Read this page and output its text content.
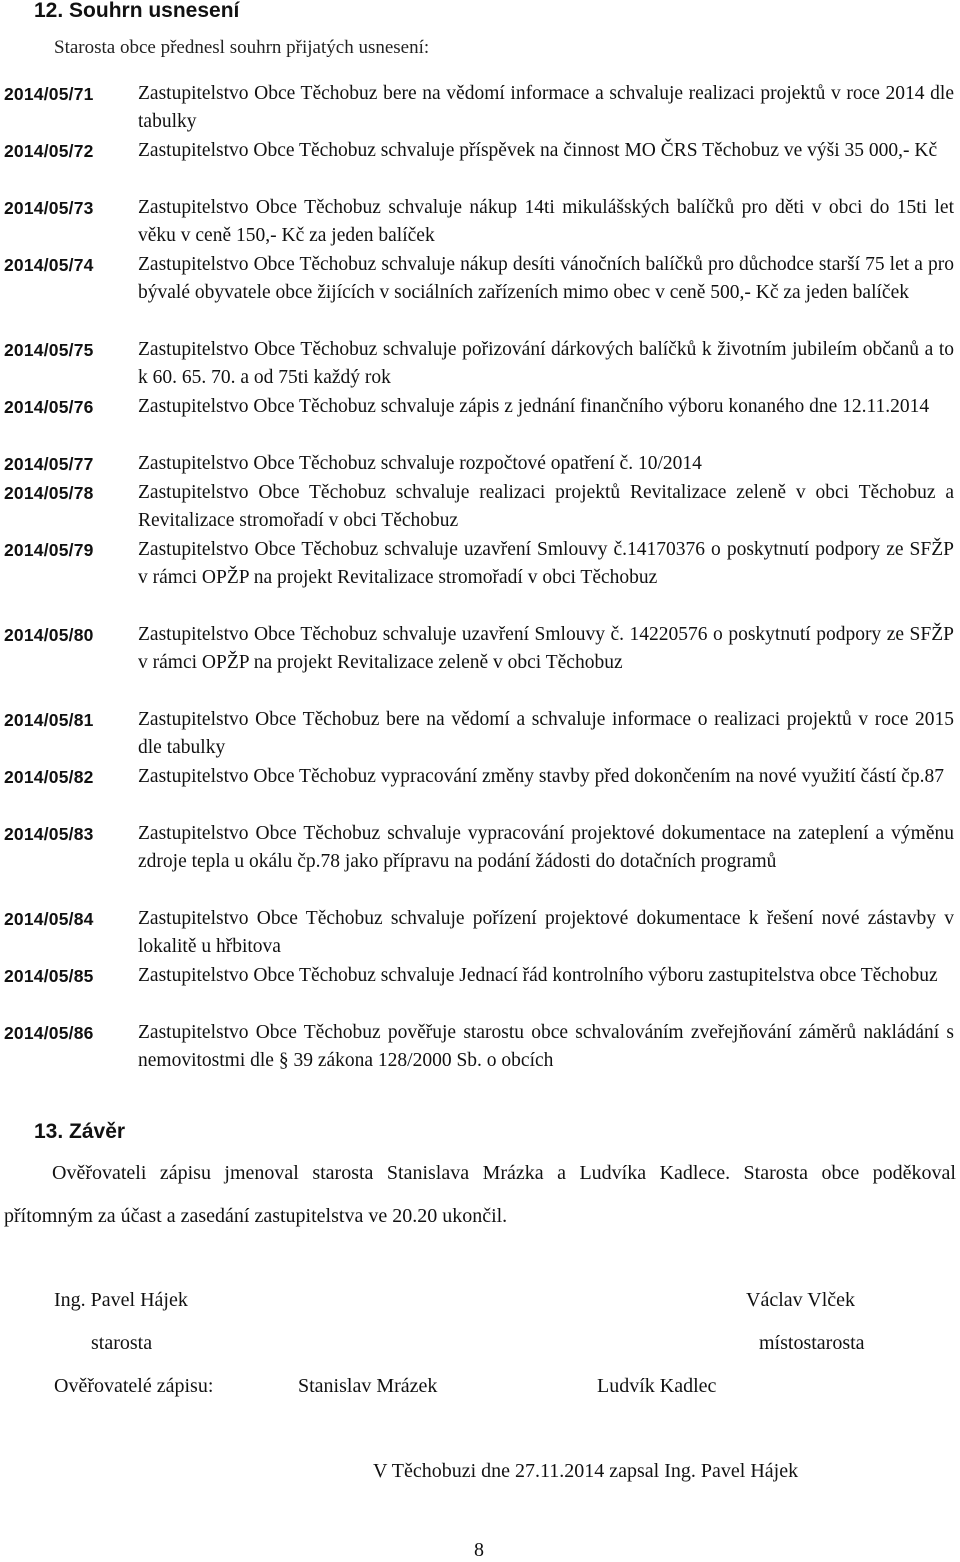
12. Souhrn usnesení
Starosta obce přednesl souhrn přijatých usnesení:
2014/05/71 Zastupitelstvo Obce Těchobuz bere na vědomí informace a schvaluje realizaci projektů v roce 2014 dle tabulky
2014/05/72 Zastupitelstvo Obce Těchobuz schvaluje příspěvek na činnost MO ČRS Těchobuz ve výši 35 000,- Kč
2014/05/73 Zastupitelstvo Obce Těchobuz schvaluje nákup 14ti mikulášských balíčků pro děti v obci do 15ti let věku v ceně 150,- Kč za jeden balíček
2014/05/74 Zastupitelstvo Obce Těchobuz schvaluje nákup desíti vánočních balíčků pro důchodce starší 75 let a pro bývalé obyvatele obce žijících v sociálních zařízeních mimo obec v ceně 500,- Kč za jeden balíček
2014/05/75 Zastupitelstvo Obce Těchobuz schvaluje pořizování dárkových balíčků k životním jubileím občanů a to k 60. 65. 70. a od 75ti každý rok
2014/05/76 Zastupitelstvo Obce Těchobuz schvaluje zápis z jednání finančního výboru konaného dne 12.11.2014
2014/05/77 Zastupitelstvo Obce Těchobuz schvaluje rozpočtové opatření č. 10/2014
2014/05/78 Zastupitelstvo Obce Těchobuz schvaluje realizaci projektů Revitalizace zeleně v obci Těchobuz a Revitalizace stromořadí v obci Těchobuz
2014/05/79 Zastupitelstvo Obce Těchobuz schvaluje uzavření Smlouvy č.14170376 o poskytnutí podpory ze SFŽP v rámci OPŽP na projekt Revitalizace stromořadí v obci Těchobuz
2014/05/80 Zastupitelstvo Obce Těchobuz schvaluje uzavření Smlouvy č. 14220576 o poskytnutí podpory ze SFŽP v rámci OPŽP na projekt Revitalizace zeleně v obci Těchobuz
2014/05/81 Zastupitelstvo Obce Těchobuz bere na vědomí a schvaluje informace o realizaci projektů v roce 2015 dle tabulky
2014/05/82 Zastupitelstvo Obce Těchobuz vypracování změny stavby před dokončením na nové využití částí čp.87
2014/05/83 Zastupitelstvo Obce Těchobuz schvaluje vypracování projektové dokumentace na zateplení a výměnu zdroje tepla u okálu čp.78 jako přípravu na podání žádosti do dotačních programů
2014/05/84 Zastupitelstvo Obce Těchobuz schvaluje pořízení projektové dokumentace k řešení nové zástavby v lokalitě u hřbitova
2014/05/85 Zastupitelstvo Obce Těchobuz schvaluje Jednací řád kontrolního výboru zastupitelstva obce Těchobuz
2014/05/86 Zastupitelstvo Obce Těchobuz pověřuje starostu obce schvalováním zveřejňování záměrů nakládání s nemovitostmi dle § 39 zákona 128/2000 Sb. o obcích
13. Závěr
Ověřovateli zápisu jmenoval starosta Stanislava Mrázka a Ludvíka Kadlece. Starosta obce poděkoval přítomným za účast a zasedání zastupitelstva ve 20.20 ukončil.
Ing. Pavel Hájek	Václav Vlček
starosta	místostarosta
Ověřovatelé zápisu:	Stanislav Mrázek	Ludvík Kadlec
V Těchobuzi dne 27.11.2014 zapsal Ing. Pavel Hájek
8
